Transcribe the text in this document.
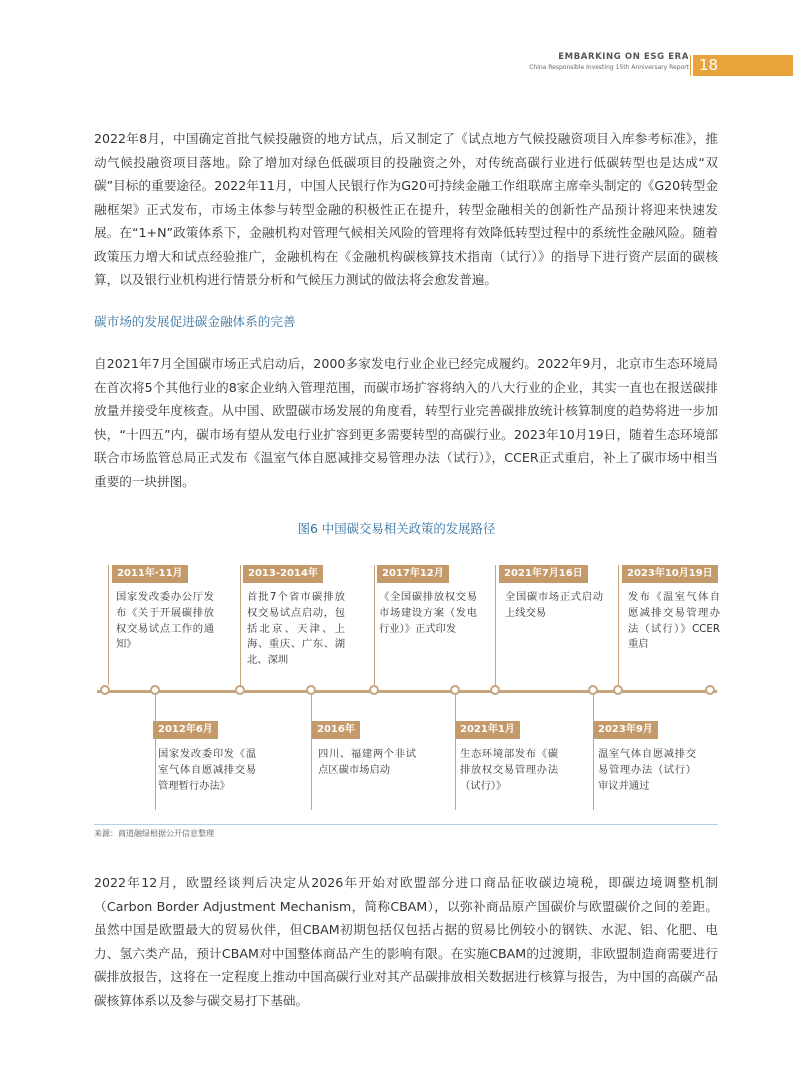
EMBARKING ON ESG ERA
China Responsible Investing 15th Anniversary Report 18
2022年8月，中国确定首批气候投融资的地方试点，后又制定了《试点地方气候投融资项目入库参考标准》，推动气候投融资项目落地。除了增加对绿色低碳项目的投融资之外，对传统高碳行业进行低碳转型也是达成“双碳”目标的重要途径。2022年11月，中国人民银行作为G20可持续金融工作组联席主席牵头制定的《G20转型金融框架》正式发布，市场主体参与转型金融的积极性正在提升，转型金融相关的创新性产品预计将迎来快速发展。在“1+N”政策体系下，金融机构对管理气候相关风险的管理将有效降低转型过程中的系统性金融风险。随着政策压力增大和试点经验推广，金融机构在《金融机构碳核算技术指南（试行）》的指导下进行资产层面的碳核算，以及银行业机构进行情景分析和气候压力测试的做法将会愈发普遍。
碳市场的发展促进碳金融体系的完善
自2021年7月全国碳市场正式启动后，2000多家发电行业企业已经完成履约。2022年9月，北京市生态环境局在首次将5个其他行业的8家企业纳入管理范围，而碳市场扩容将纳入的八大行业的企业，其实一直也在报送碳排放量并接受年度核查。从中国、欧盟碳市场发展的角度看，转型行业完善碳排放统计核算制度的趋势将进一步加快，“十四五”内，碳市场有望从发电行业扩容到更多需要转型的高碳行业。2023年10月19日，随着生态环境部联合市场监管总局正式发布《温室气体自愿减排交易管理办法（试行）》，CCER正式重启，补上了碳市场中相当重要的一块拼图。
图6 中国碳交易相关政策的发展路径
2011年·11月
国家发改委办公厅发布《关于开展碳排放权交易试点工作的通知》
2013-2014年
首批7个省市碳排放权交易试点启动，包括北京、天津、上海、重庆、广东、湖北、深圳
2017年12月
《全国碳排放权交易市场建设方案（发电行业）》正式印发
2021年7月16日
全国碳市场正式启动上线交易
2023年10月19日
发布《温室气体自愿减排交易管理办法（试行）》CCER重启
2012年6月
国家发改委印发《温室气体自愿减排交易管理暂行办法》
2016年
四川、福建两个非试点区碳市场启动
2021年1月
生态环境部发布《碳排放权交易管理办法（试行）》
2023年9月
温室气体自愿减排交易管理办法（试行）审议并通过
来源：商道融绿根据公开信息整理
2022年12月，欧盟经谈判后决定从2026年开始对欧盟部分进口商品征收碳边境税，即碳边境调整机制（Carbon Border Adjustment Mechanism，简称CBAM），以弥补商品原产国碳价与欧盟碳价之间的差距。虽然中国是欧盟最大的贸易伙伴，但CBAM初期包括仅包括占据的贸易比例较小的钢铁、水泥、铝、化肥、电力、氢六类产品，预计CBAM对中国整体商品产生的影响有限。在实施CBAM的过渡期，非欧盟制造商需要进行碳排放报告，这将在一定程度上推动中国高碳行业对其产品碳排放相关数据进行核算与报告，为中国的高碳产品碳核算体系以及参与碳交易打下基础。
